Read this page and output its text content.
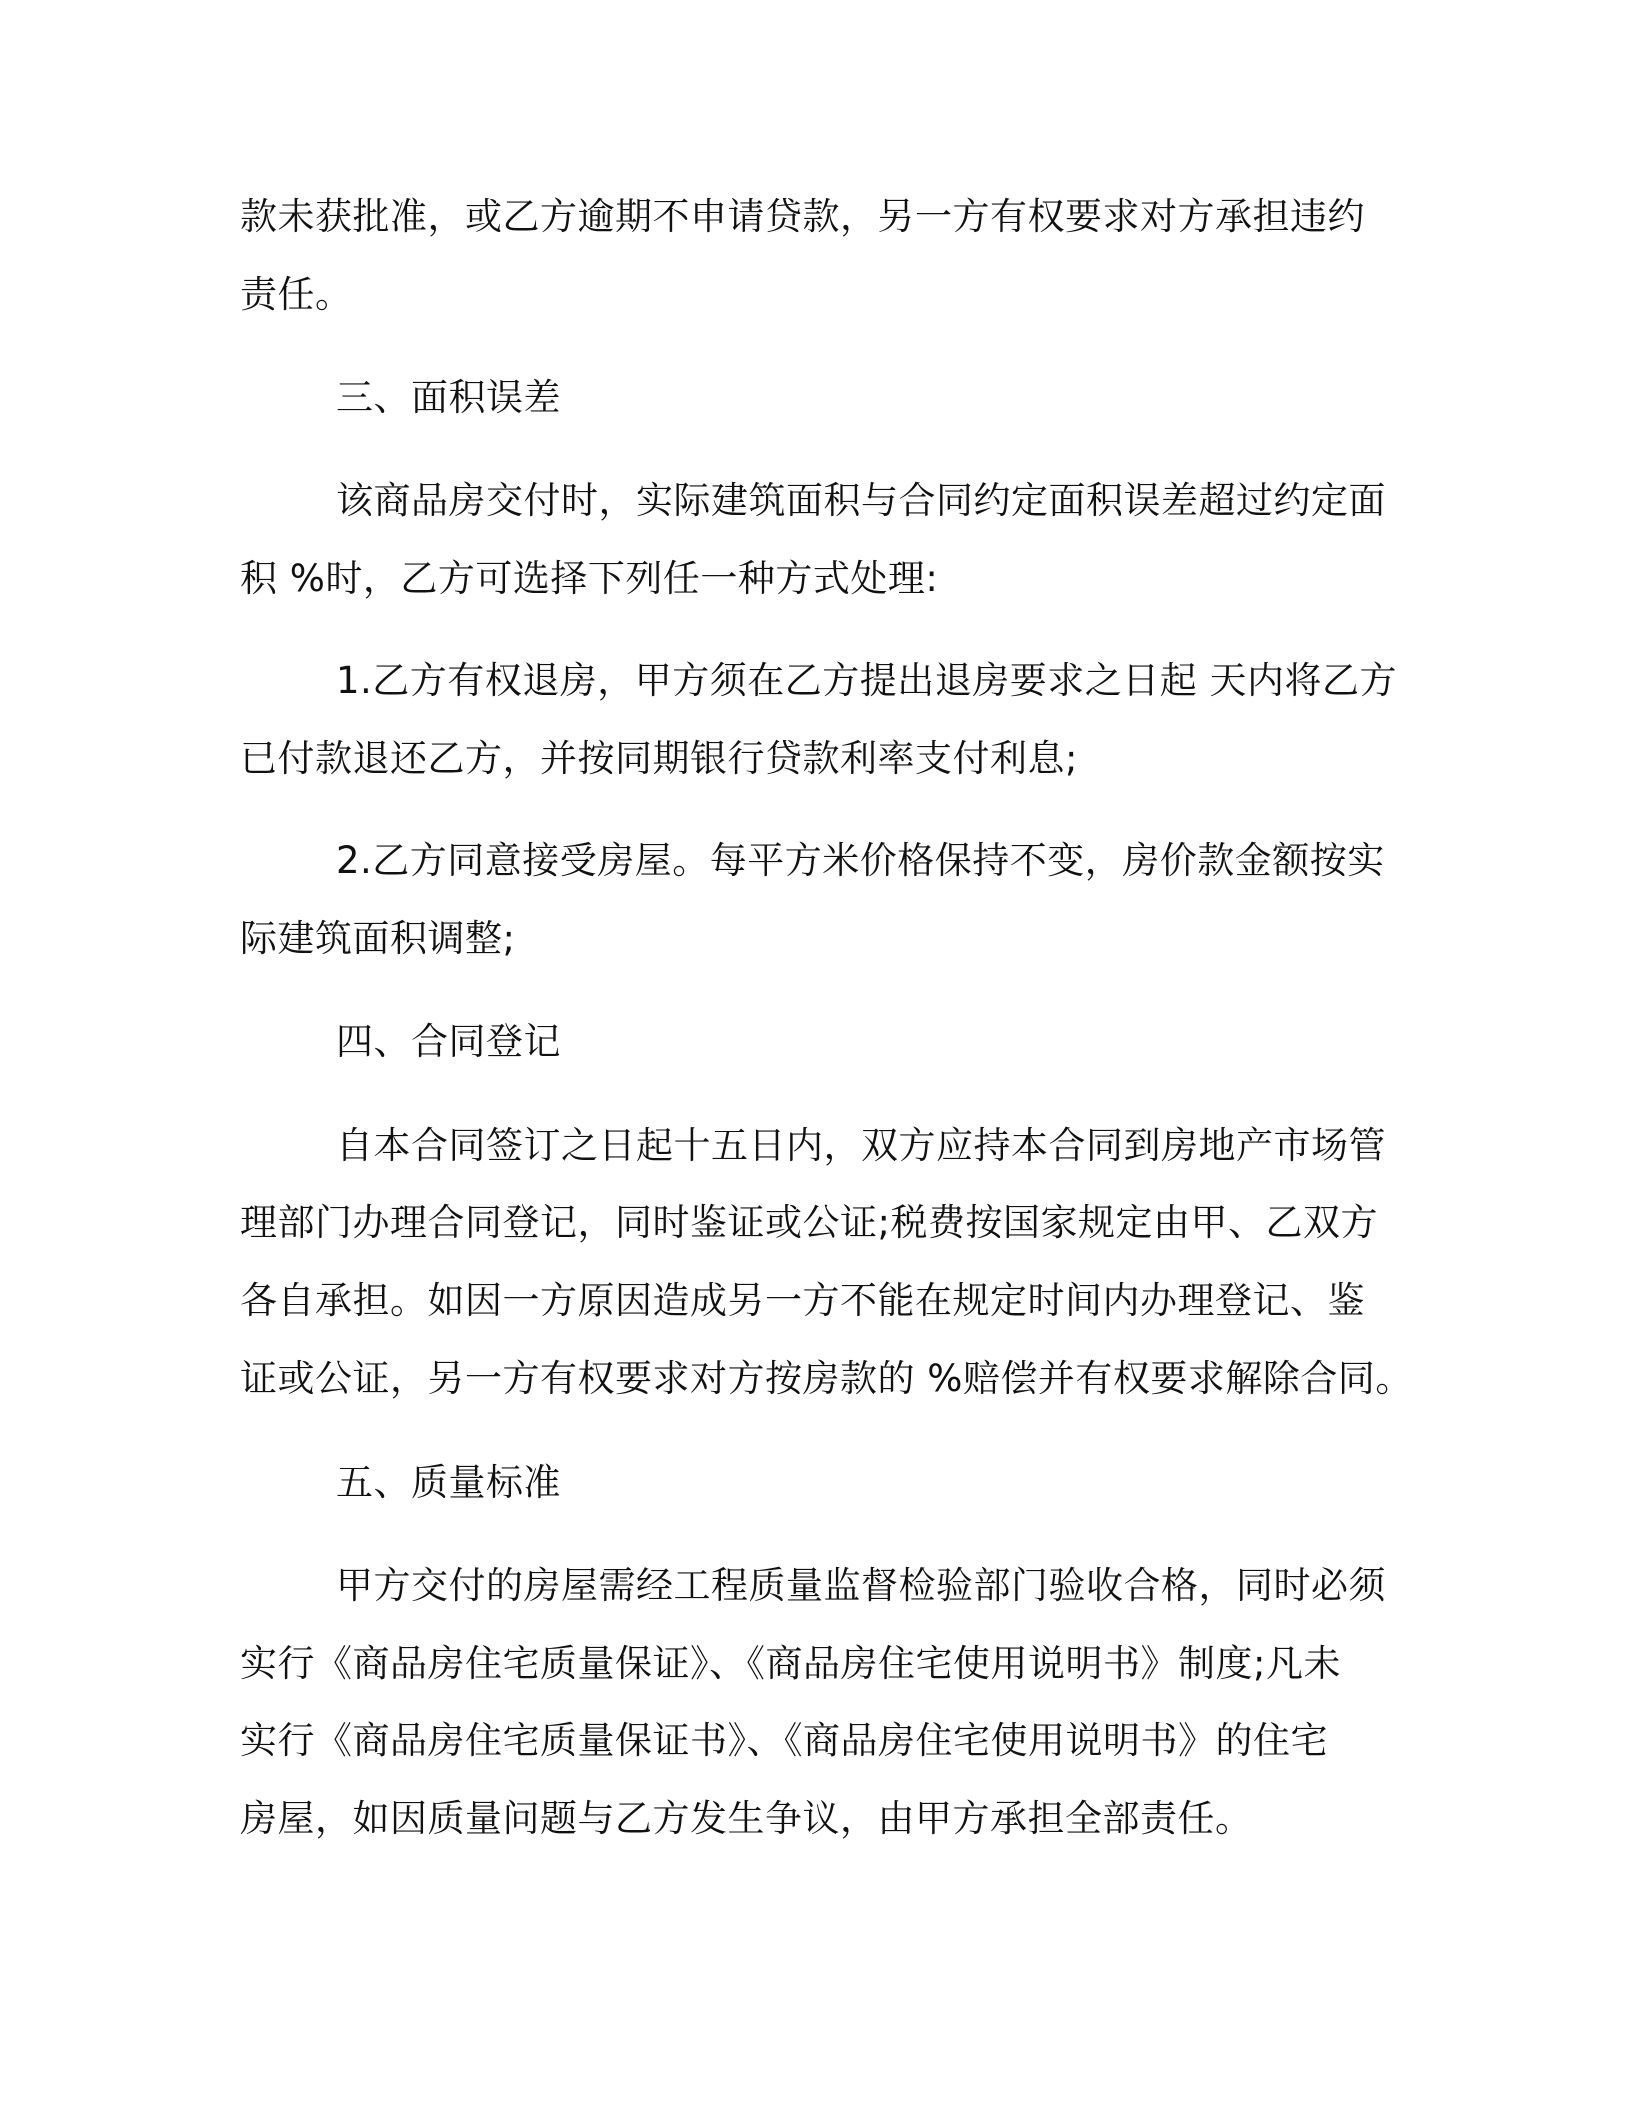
款未获批准，或乙方逾期不申请贷款，另一方有权要求对方承担违约
责任。
三、面积误差
该商品房交付时，实际建筑面积与合同约定面积误差超过约定面
积 %时，乙方可选择下列任一种方式处理:
1.乙方有权退房，甲方须在乙方提出退房要求之日起 天内将乙方
已付款退还乙方，并按同期银行贷款利率支付利息;
2.乙方同意接受房屋。每平方米价格保持不变，房价款金额按实
际建筑面积调整;
四、合同登记
自本合同签订之日起十五日内，双方应持本合同到房地产市场管
理部门办理合同登记，同时鉴证或公证;税费按国家规定由甲、乙双方
各自承担。如因一方原因造成另一方不能在规定时间内办理登记、鉴
证或公证，另一方有权要求对方按房款的 %赔偿并有权要求解除合同。
五、质量标准
甲方交付的房屋需经工程质量监督检验部门验收合格，同时必须
实行《商品房住宅质量保证》、《商品房住宅使用说明书》制度;凡未
实行《商品房住宅质量保证书》、《商品房住宅使用说明书》的住宅
房屋，如因质量问题与乙方发生争议，由甲方承担全部责任。
